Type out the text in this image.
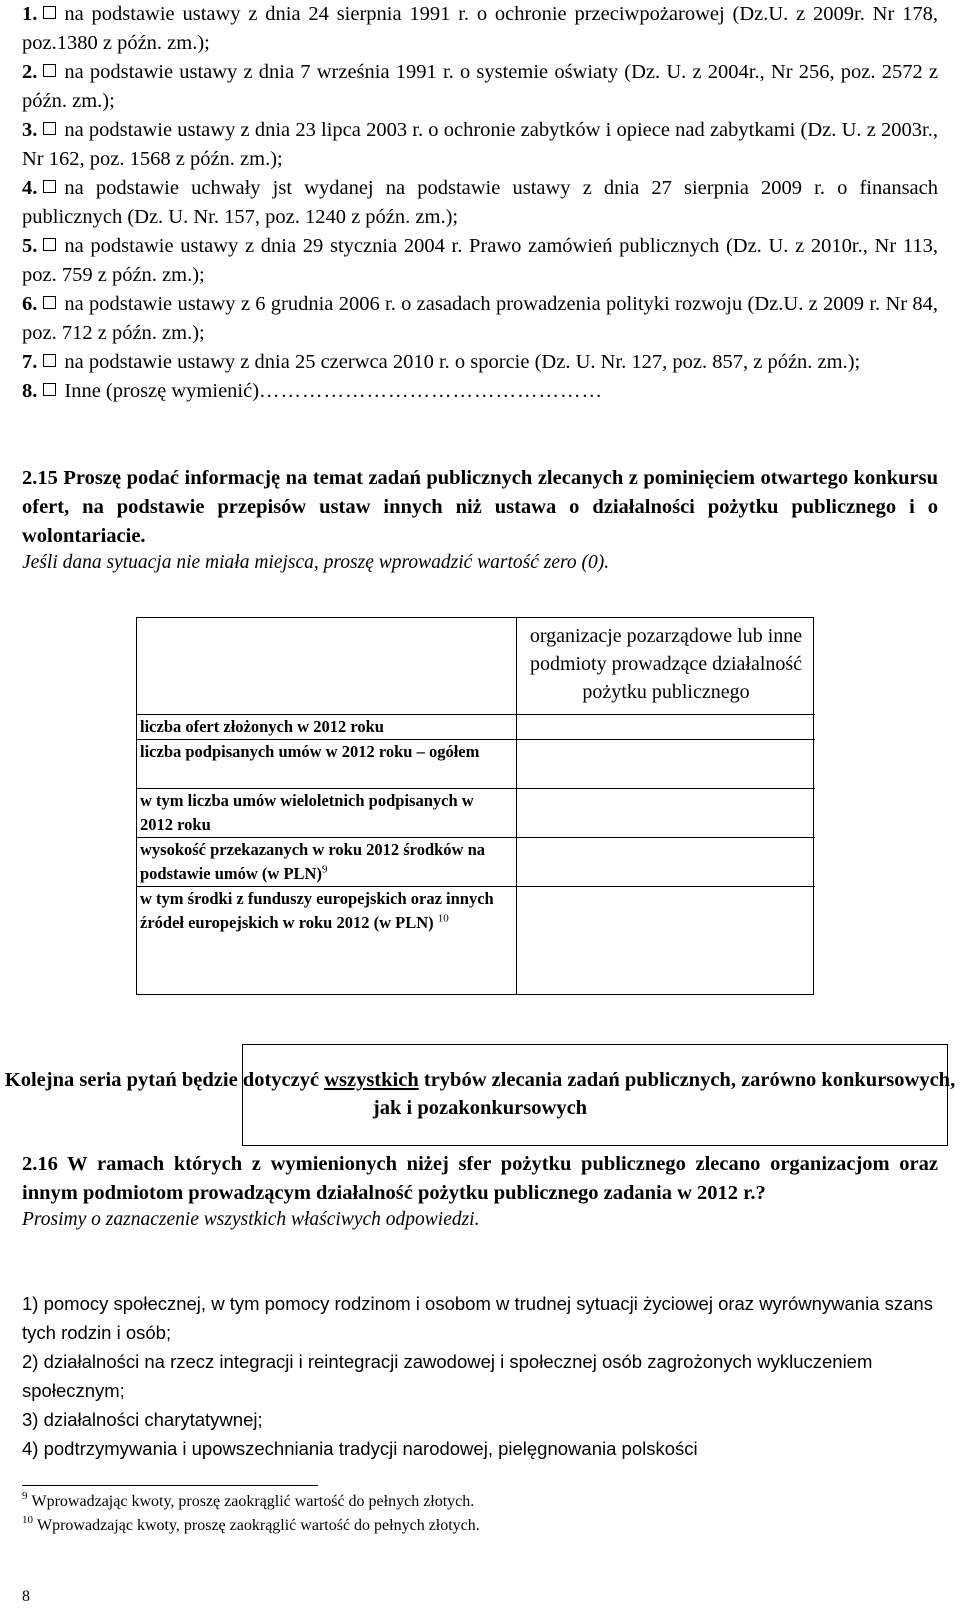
1. na podstawie ustawy z dnia 24 sierpnia 1991 r. o ochronie przeciwpożarowej (Dz.U. z 2009r. Nr 178, poz.1380 z późn. zm.);

2. na podstawie ustawy z dnia 7 września 1991 r. o systemie oświaty (Dz. U. z 2004r., Nr 256, poz. 2572 z późn. zm.);

3. na podstawie ustawy z dnia 23 lipca 2003 r. o ochronie zabytków i opiece nad zabytkami (Dz. U. z 2003r., Nr 162, poz. 1568 z późn. zm.);

4. na podstawie uchwały jst wydanej na podstawie ustawy z dnia 27 sierpnia 2009 r. o finansach publicznych (Dz. U. Nr. 157, poz. 1240 z późn. zm.);

5. na podstawie ustawy z dnia 29 stycznia 2004 r. Prawo zamówień publicznych (Dz. U. z 2010r., Nr 113, poz. 759 z późn. zm.);

6. na podstawie ustawy z 6 grudnia 2006 r. o zasadach prowadzenia polityki rozwoju (Dz.U. z 2009 r. Nr 84, poz. 712 z późn. zm.);

7. na podstawie ustawy z dnia 25 czerwca 2010 r. o sporcie (Dz. U. Nr. 127, poz. 857, z późn. zm.);

8. Inne (proszę wymienić)…………………………………………

2.15 Proszę podać informację na temat zadań publicznych zlecanych z pominięciem otwartego konkursu ofert, na podstawie przepisów ustaw innych niż ustawa o działalności pożytku publicznego i o wolontariacie.
Jeśli dana sytuacja nie miała miejsca, proszę wprowadzić wartość zero (0).
organizacje pozarządowe lub inne podmioty prowadzące działalność pożytku publicznego
liczba ofert złożonych w 2012 roku
liczba podpisanych umów w 2012 roku – ogółem
w tym liczba umów wieloletnich podpisanych w 2012 roku
wysokość przekazanych w roku 2012 środków na podstawie umów (w PLN)$^9$
w tym środki z funduszy europejskich oraz innych źródeł europejskich w roku 2012 (w PLN) $^{10}$
Kolejna seria pytań będzie dotyczyć wszystkich trybów zlecania zadań publicznych, zarówno konkursowych, jak i pozakonkursowych
2.16 W ramach których z wymienionych niżej sfer pożytku publicznego zlecano organizacjom oraz innym podmiotom prowadzącym działalność pożytku publicznego zadania w 2012 r.?
Prosimy o zaznaczenie wszystkich właściwych odpowiedzi.

1) pomocy społecznej, w tym pomocy rodzinom i osobom w trudnej sytuacji życiowej oraz wyrównywania szans tych rodzin i osób;

2) działalności na rzecz integracji i reintegracji zawodowej i społecznej osób zagrożonych wykluczeniem społecznym;

3) działalności charytatywnej;

4) podtrzymywania i upowszechniania tradycji narodowej, pielęgnowania polskości

$^9$ Wprowadzając kwoty, proszę zaokrąglić wartość do pełnych złotych.

$^{10}$ Wprowadzając kwoty, proszę zaokrąglić wartość do pełnych złotych.

8
